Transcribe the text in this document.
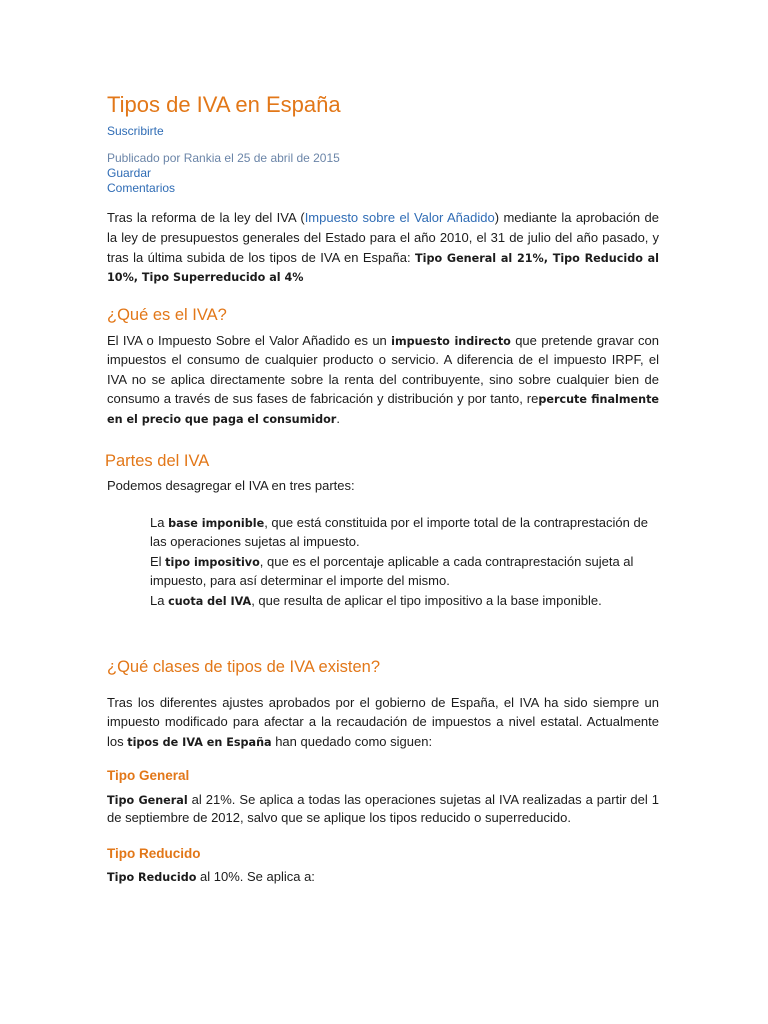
Tipos de IVA en España
Suscribirte
Publicado por Rankia el 25 de abril de 2015
Guardar
Comentarios
Tras la reforma de la ley del IVA (Impuesto sobre el Valor Añadido) mediante la aprobación de
la ley de presupuestos generales del Estado para el año 2010, el 31 de julio del año pasado, y
tras la última subida de los tipos de IVA en España: Tipo General al 21%, Tipo Reducido al
10%, Tipo Superreducido al 4%
¿Qué es el IVA?
El IVA o Impuesto Sobre el Valor Añadido es un impuesto indirecto que pretende gravar con
impuestos el consumo de cualquier producto o servicio. A diferencia de el impuesto IRPF, el
IVA no se aplica directamente sobre la renta del contribuyente, sino sobre cualquier bien de
consumo a través de sus fases de fabricación y distribución y por tanto, repercute finalmente
en el precio que paga el consumidor.
Partes del IVA
Podemos desagregar el IVA en tres partes:
La base imponible, que está constituida por el importe total de la contraprestación de
las operaciones sujetas al impuesto.
El tipo impositivo, que es el porcentaje aplicable a cada contraprestación sujeta al
impuesto, para así determinar el importe del mismo.
La cuota del IVA, que resulta de aplicar el tipo impositivo a la base imponible.
¿Qué clases de tipos de IVA existen?
Tras los diferentes ajustes aprobados por el gobierno de España, el IVA ha sido siempre un
impuesto modificado para afectar a la recaudación de impuestos a nivel estatal. Actualmente
los tipos de IVA en España han quedado como siguen:
Tipo General
Tipo General al 21%. Se aplica a todas las operaciones sujetas al IVA realizadas a partir del 1
de septiembre de 2012, salvo que se aplique los tipos reducido o superreducido.
Tipo Reducido
Tipo Reducido al 10%. Se aplica a:
